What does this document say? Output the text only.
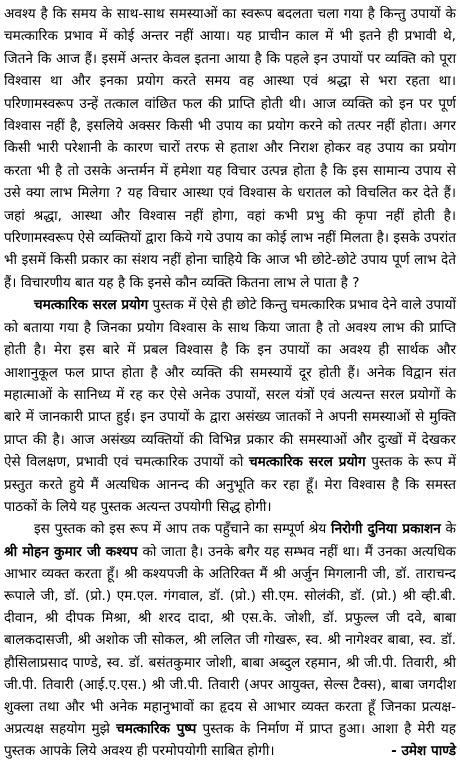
अवश्य है कि समय के साथ-साथ समस्याओं का स्वरूप बदलता चला गया है किन्तु उपायों के चमत्कारिक प्रभाव में कोई अन्तर नहीं आया। यह प्राचीन काल में भी इतने ही प्रभावी थे, जितने कि आज हैं। इसमें अन्तर केवल इतना आया है कि पहले इन उपायों पर व्यक्ति को पूरा विश्वास था और इनका प्रयोग करते समय वह आस्था एवं श्रद्धा से भरा रहता था। परिणामस्वरूप उन्हें तत्काल वांछित फल की प्राप्ति होती थी। आज व्यक्ति को इन पर पूर्ण विश्वास नहीं है, इसलिये अक्सर किसी भी उपाय का प्रयोग करने को तत्पर नहीं होता। अगर किसी भारी परेशानी के कारण चारों तरफ से हताश और निराश होकर वह उपाय का प्रयोग करता भी है तो उसके अन्तर्मन में हमेशा यह विचार उत्पन्न होता है कि इस सामान्य उपाय से उसे क्या लाभ मिलेगा ? यह विचार आस्था एवं विश्वास के धरातल को विचलित कर देते हैं। जहां श्रद्धा, आस्था और विश्वास नहीं होगा, वहां कभी प्रभु की कृपा नहीं होती है। परिणामस्वरूप ऐसे व्यक्तियों द्वारा किये गये उपाय का कोई लाभ नहीं मिलता है। इसके उपरांत भी इसमें किसी प्रकार का संशय नहीं होना चाहिये कि आज भी छोटे-छोटे उपाय पूर्ण लाभ देते हैं। विचारणीय बात यह है कि इनसे कौन व्यक्ति कितना लाभ ले पाता है ?

चमत्कारिक सरल प्रयोग पुस्तक में ऐसे ही छोटे किन्तु चमत्कारिक प्रभाव देने वाले उपायों को बताया गया है जिनका प्रयोग विश्वास के साथ किया जाता है तो अवश्य लाभ की प्राप्ति होती है। मेरा इस बारे में प्रबल विश्वास है कि इन उपायों का अवश्य ही सार्थक और आशानुकूल फल प्राप्त होता है और व्यक्ति की समस्यायें दूर होती हैं। अनेक विद्वान संत महात्माओं के सानिध्य में रह कर ऐसे अनेक उपायों, सरल यंत्रों एवं अत्यन्त सरल प्रयोगों के बारे में जानकारी प्राप्त हुई। इन उपायों के द्वारा असंख्य जातकों ने अपनी समस्याओं से मुक्ति प्राप्त की है। आज असंख्य व्यक्तियों की विभिन्न प्रकार की समस्याओं और दुःखों में देखकर ऐसे विलक्षण, प्रभावी एवं चमत्कारिक उपायों को चमत्कारिक सरल प्रयोग पुस्तक के रूप में प्रस्तुत करते हुये मैं अत्यधिक आनन्द की अनुभूति कर रहा हूँ। मेरा विश्वास है कि समस्त पाठकों के लिये यह पुस्तक अत्यन्त उपयोगी सिद्ध होगी।

इस पुस्तक को इस रूप में आप तक पहुँचाने का सम्पूर्ण श्रेय निरोगी दुनिया प्रकाशन के श्री मोहन कुमार जी कश्यप को जाता है। उनके बगैर यह सम्भव नहीं था। मैं उनका अत्यधिक आभार व्यक्त करता हूँ। श्री कश्यपजी के अतिरिक्त मैं श्री अर्जुन मिगलानी जी, डॉ. ताराचन्द रूपाले जी, डॉ. (प्रो.) एम.एल. गंगवाल, डॉ. (प्रो.) सी.एम. सोलंकी, डॉ. (प्रो.) श्री व्ही.बी. दीवान, श्री दीपक मिश्रा, श्री शरद दादा, श्री एस.के. जोशी, डॉ. प्रफुल्ल जी दवे, बाबा बालकदासजी, श्री अशोक जी सोकल, श्री ललित जी गोखरू, स्व. श्री नागेश्वर बाबा, स्व. डॉ. हौसिलाप्रसाद पाण्डे, स्व. डॉ. बसंतकुमार जोशी, बाबा अब्दुल रहमान, श्री जी.पी. तिवारी, श्री जी.पी. तिवारी (आई.ए.एस.) श्री जी.पी. तिवारी (अपर आयुक्त, सेल्स टैक्स), बाबा जगदीश शुक्ला तथा और भी अनेक महानुभावों का हृदय से आभार व्यक्त करता हूँ जिनका प्रत्यक्ष-अप्रत्यक्ष सहयोग मुझे चमत्कारिक पुष्प पुस्तक के निर्माण में प्राप्त हुआ। आशा है मेरी यह पुस्तक आपके लिये अवश्य ही परमोपयोगी साबित होगी।	- उमेश पाण्डे
